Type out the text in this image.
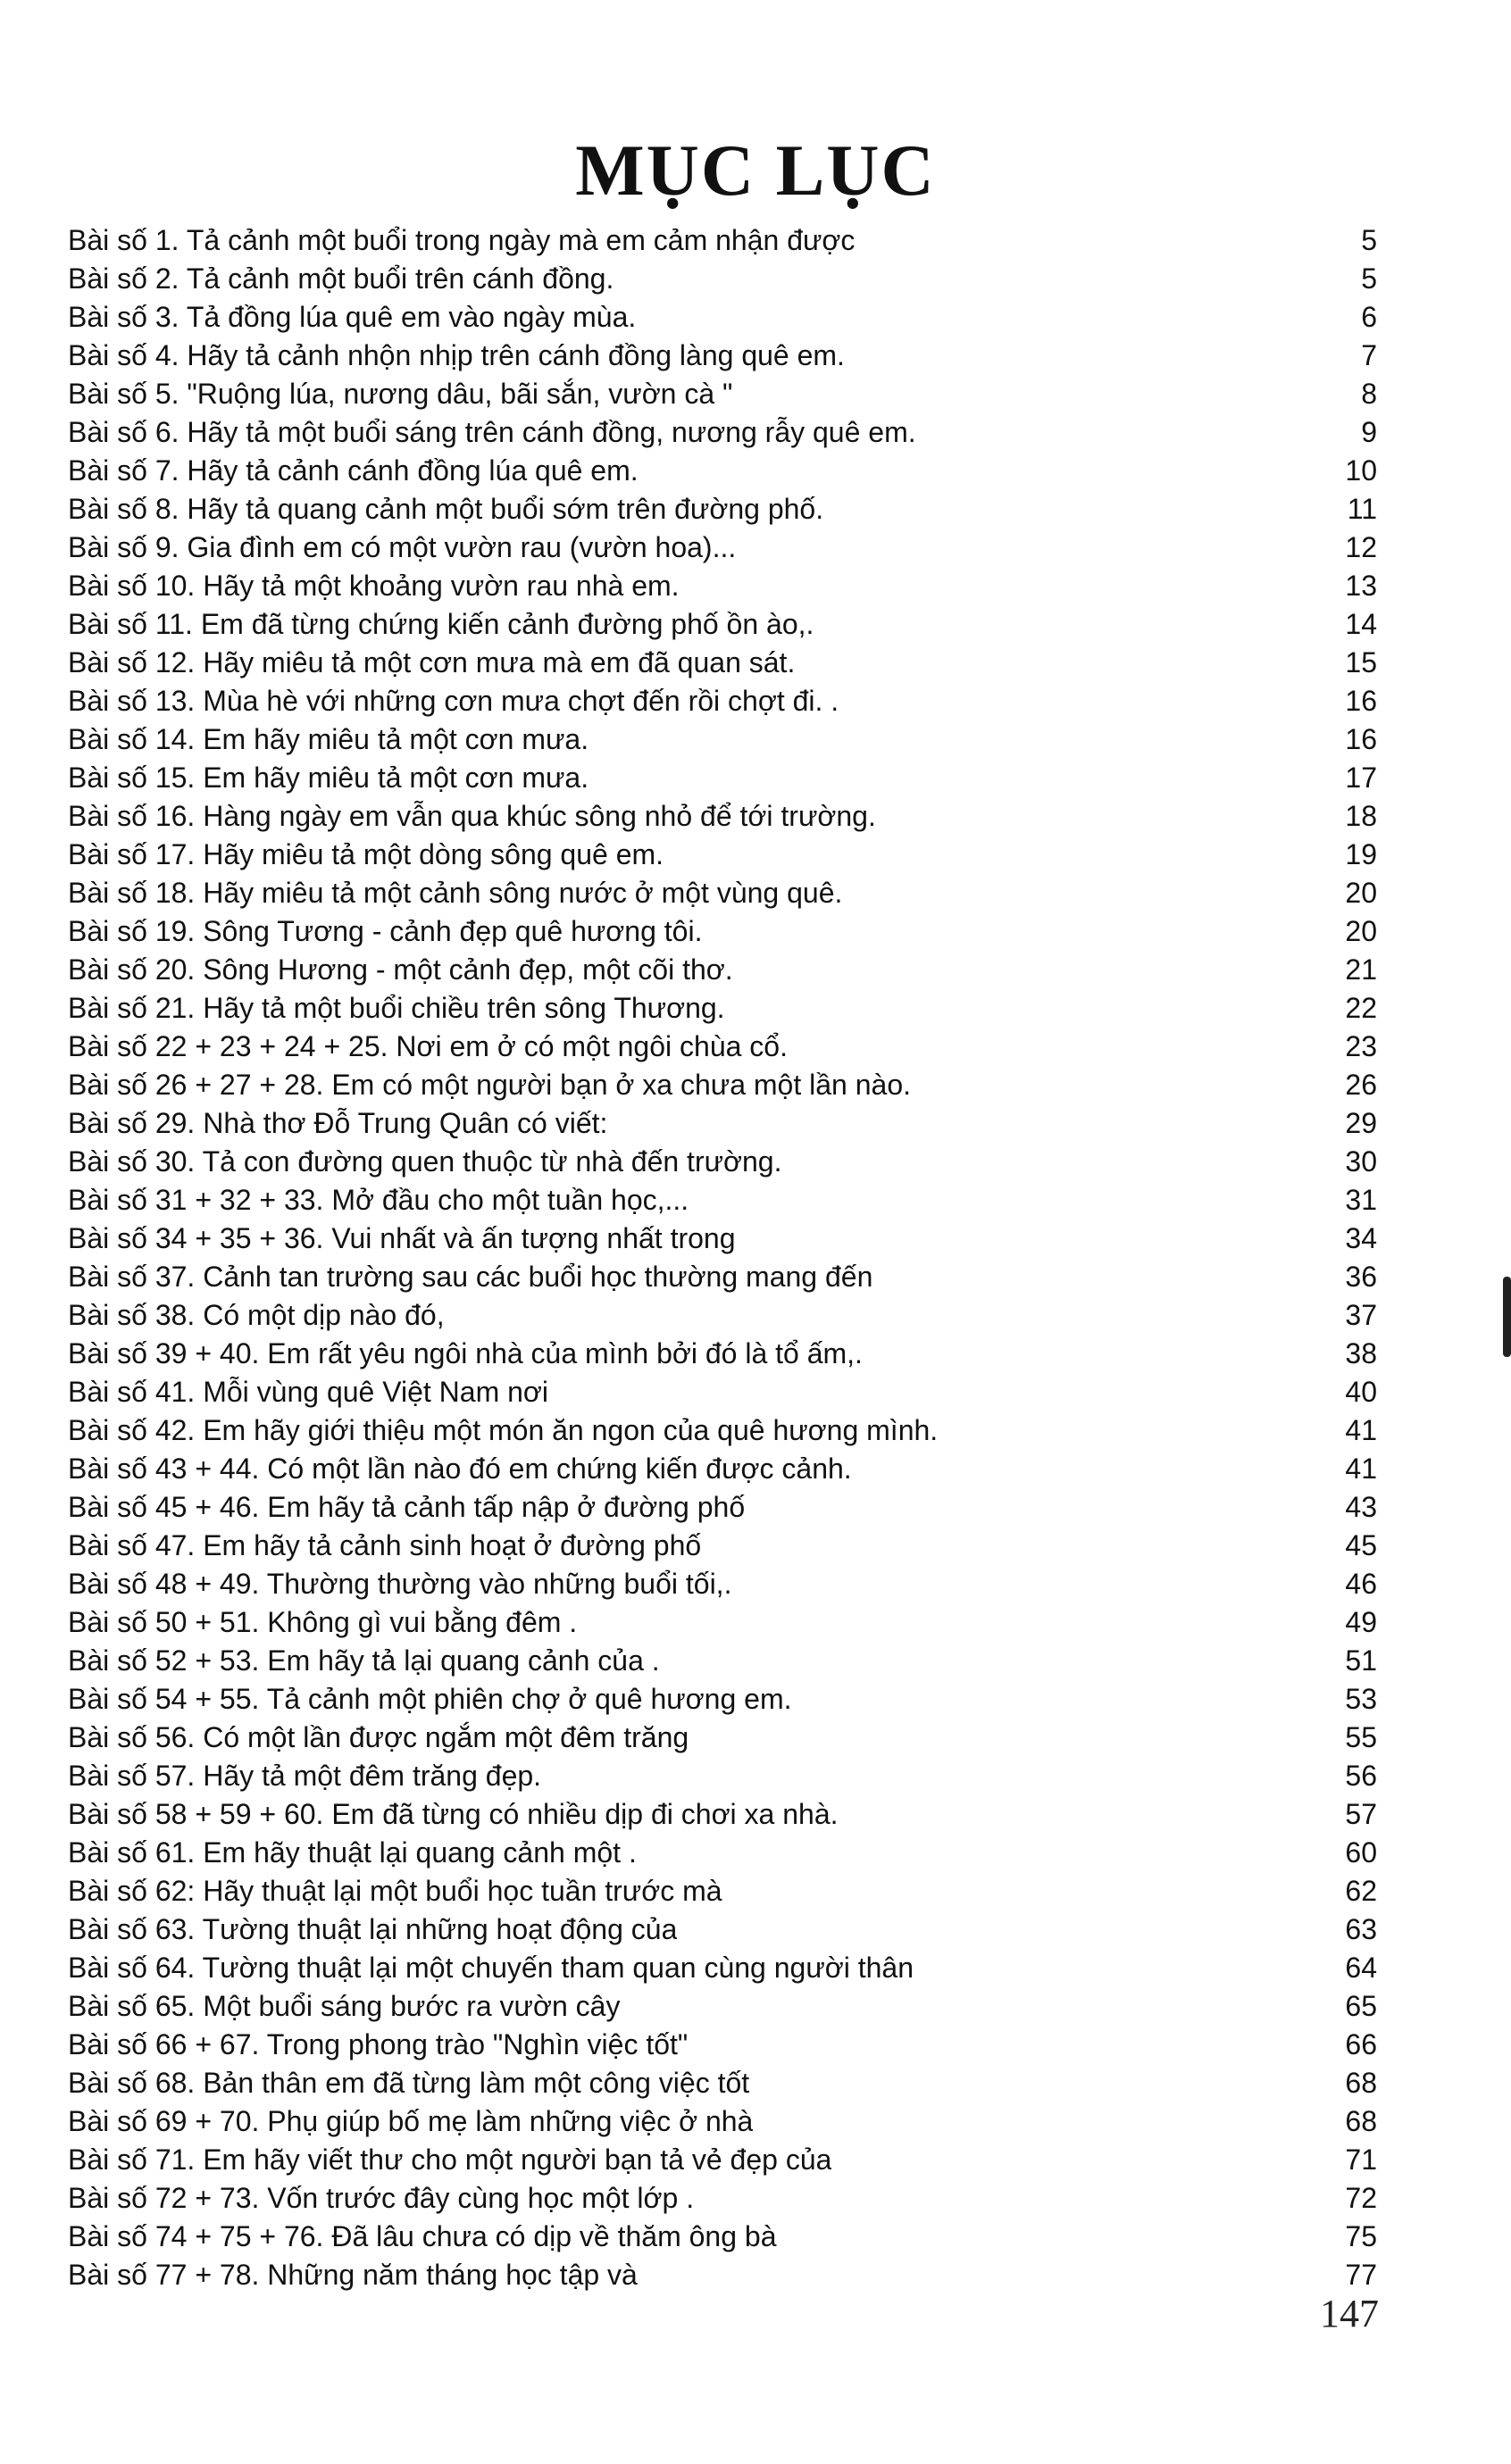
MỤC LỤC
Bài số 1. Tả cảnh một buổi trong ngày mà em cảm nhận được	5
Bài số 2. Tả cảnh một buổi trên cánh đồng.	5
Bài số 3. Tả đồng lúa quê em vào ngày mùa.	6
Bài số 4. Hãy tả cảnh nhộn nhịp trên cánh đồng làng quê em.	7
Bài số 5. "Ruộng lúa, nương dâu, bãi sắn, vườn cà "	8
Bài số 6. Hãy tả một buổi sáng trên cánh đồng, nương rẫy quê em.	9
Bài số 7. Hãy tả cảnh cánh đồng lúa quê em.	10
Bài số 8. Hãy tả quang cảnh một buổi sớm trên đường phố.	11
Bài số 9. Gia đình em có một vườn rau (vườn hoa)...	12
Bài số 10. Hãy tả một khoảng vườn rau nhà em.	13
Bài số 11. Em đã từng chứng kiến cảnh đường phố ồn ào,.	14
Bài số 12. Hãy miêu tả một cơn mưa mà em đã quan sát.	15
Bài số 13. Mùa hè với những cơn mưa chợt đến rồi chợt đi. .	16
Bài số 14. Em hãy miêu tả một cơn mưa.	16
Bài số 15. Em hãy miêu tả một cơn mưa.	17
Bài số 16. Hàng ngày em vẫn qua khúc sông nhỏ để tới trường.	18
Bài số 17. Hãy miêu tả một dòng sông quê em.	19
Bài số 18. Hãy miêu tả một cảnh sông nước ở một vùng quê.	20
Bài số 19. Sông Tương - cảnh đẹp quê hương tôi.	20
Bài số 20. Sông Hương - một cảnh đẹp, một cõi thơ.	21
Bài số 21. Hãy tả một buổi chiều trên sông Thương.	22
Bài số 22 + 23 + 24 + 25. Nơi em ở có một ngôi chùa cổ.	23
Bài số 26 + 27 + 28. Em có một người bạn ở xa chưa một lần nào.	26
Bài số 29. Nhà thơ Đỗ Trung Quân có viết:	29
Bài số 30. Tả con đường quen thuộc từ nhà đến trường.	30
Bài số 31 + 32 + 33. Mở đầu cho một tuần học,...	31
Bài số 34 + 35 + 36. Vui nhất và ấn tượng nhất trong	34
Bài số 37. Cảnh tan trường sau các buổi học thường mang đến	36
Bài số 38. Có một dịp nào đó,	37
Bài số 39 + 40. Em rất yêu ngôi nhà của mình bởi đó là tổ ấm,.	38
Bài số 41. Mỗi vùng quê Việt Nam nơi	40
Bài số 42. Em hãy giới thiệu một món ăn ngon của quê hương mình.	41
Bài số 43 + 44. Có một lần nào đó em chứng kiến được cảnh.	41
Bài số 45 + 46. Em hãy tả cảnh tấp nập ở đường phố	43
Bài số 47. Em hãy tả cảnh sinh hoạt ở đường phố	45
Bài số 48 + 49. Thường thường vào những buổi tối,.	46
Bài số 50 + 51. Không gì vui bằng đêm .	49
Bài số 52 + 53. Em hãy tả lại quang cảnh của .	51
Bài số 54 + 55. Tả cảnh một phiên chợ ở quê hương em.	53
Bài số 56. Có một lần được ngắm một đêm trăng	55
Bài số 57. Hãy tả một đêm trăng đẹp.	56
Bài số 58 + 59 + 60. Em đã từng có nhiều dịp đi chơi xa nhà.	57
Bài số 61. Em hãy thuật lại quang cảnh một .	60
Bài số 62: Hãy thuật lại một buổi học tuần trước mà	62
Bài số 63. Tường thuật lại những hoạt động của	63
Bài số 64. Tường thuật lại một chuyến tham quan cùng người thân	64
Bài số 65. Một buổi sáng bước ra vườn cây	65
Bài số 66 + 67. Trong phong trào "Nghìn việc tốt"	66
Bài số 68. Bản thân em đã từng làm một công việc tốt	68
Bài số 69 + 70. Phụ giúp bố mẹ làm những việc ở nhà	68
Bài số 71. Em hãy viết thư cho một người bạn tả vẻ đẹp của	71
Bài số 72 + 73. Vốn trước đây cùng học một lớp .	72
Bài số 74 + 75 + 76. Đã lâu chưa có dịp về thăm ông bà	75
Bài số 77 + 78. Những năm tháng học tập và	77
147
